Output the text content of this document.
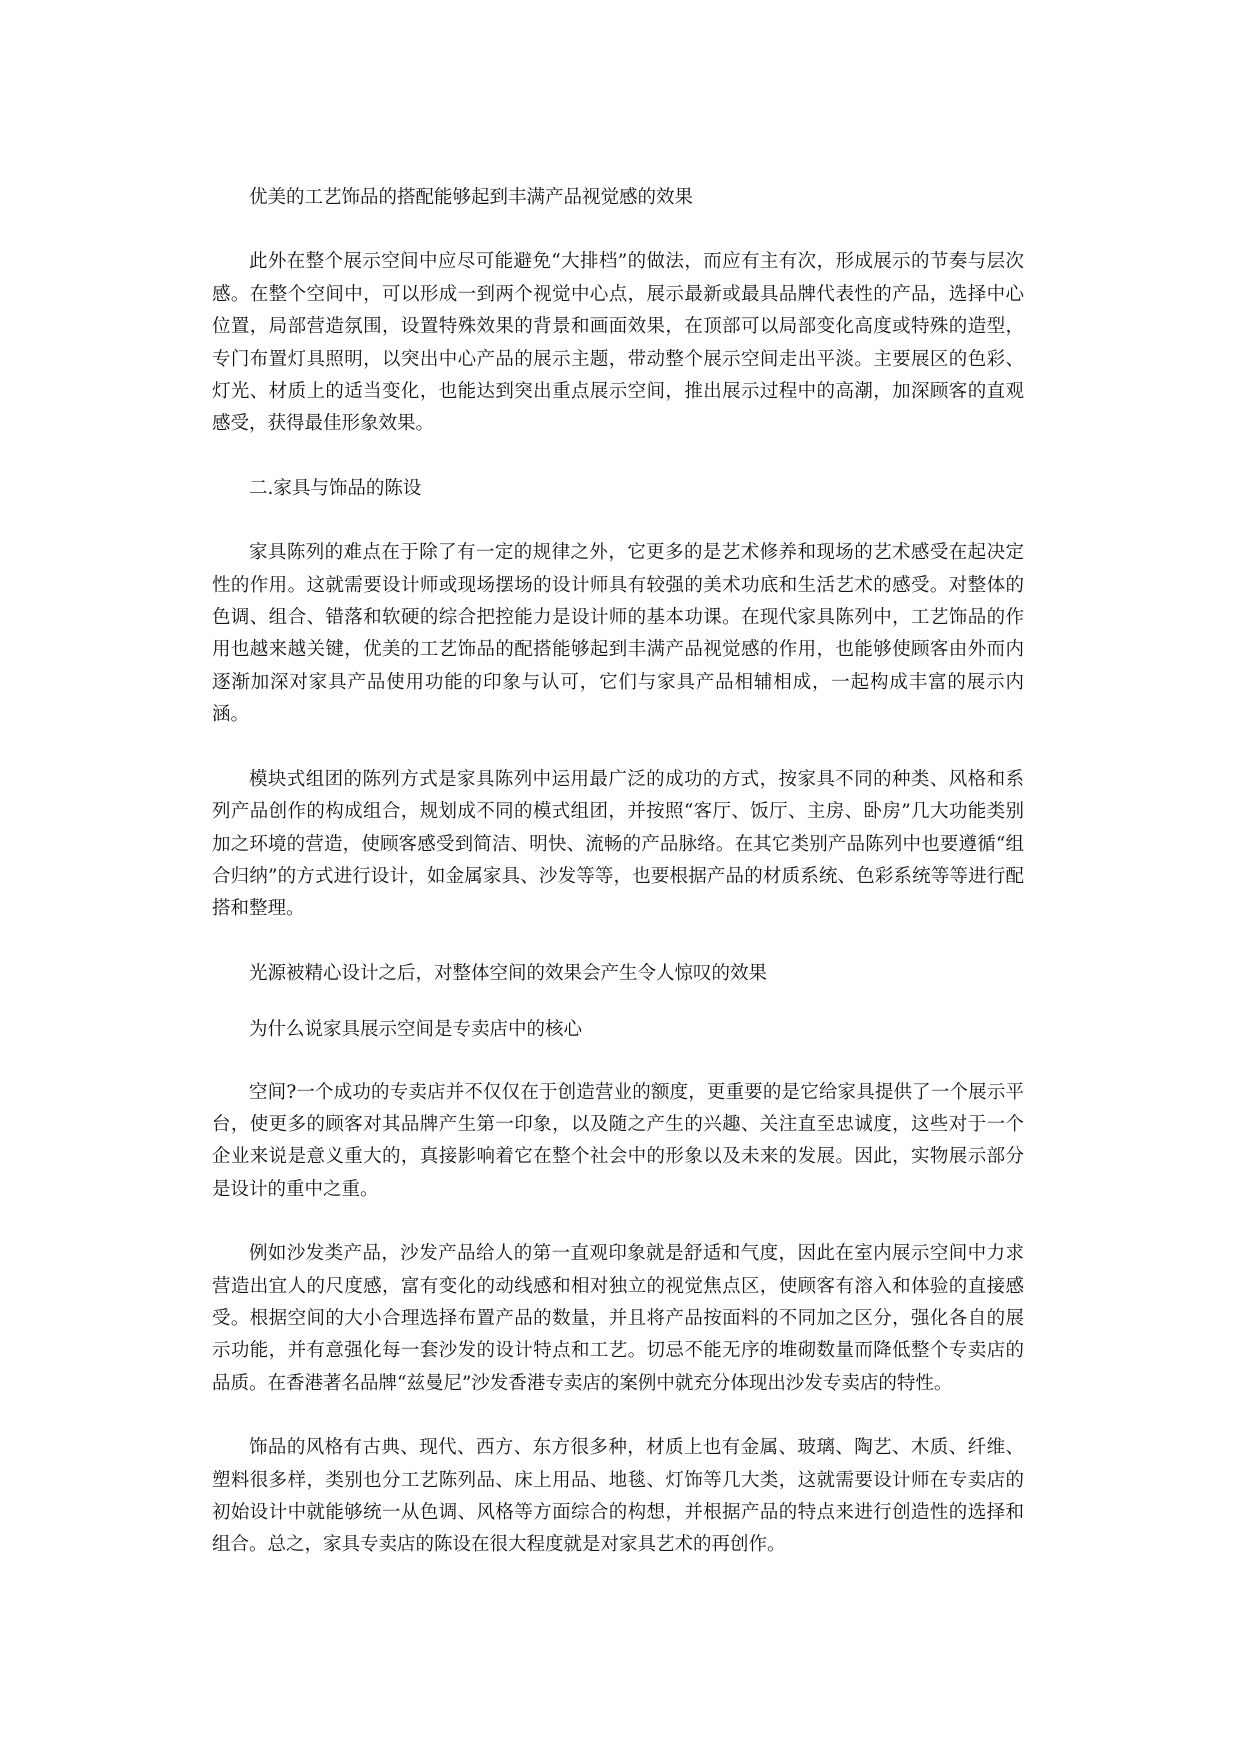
优美的工艺饰品的搭配能够起到丰满产品视觉感的效果

此外在整个展示空间中应尽可能避免“大排档”的做法，而应有主有次，形成展示的节奏与层次感。在整个空间中，可以形成一到两个视觉中心点，展示最新或最具品牌代表性的产品，选择中心位置，局部营造氛围，设置特殊效果的背景和画面效果，在顶部可以局部变化高度或特殊的造型，专门布置灯具照明，以突出中心产品的展示主题，带动整个展示空间走出平淡。主要展区的色彩、灯光、材质上的适当变化，也能达到突出重点展示空间，推出展示过程中的高潮，加深顾客的直观感受，获得最佳形象效果。

二.家具与饰品的陈设

家具陈列的难点在于除了有一定的规律之外，它更多的是艺术修养和现场的艺术感受在起决定性的作用。这就需要设计师或现场摆场的设计师具有较强的美术功底和生活艺术的感受。对整体的色调、组合、错落和软硬的综合把控能力是设计师的基本功课。在现代家具陈列中，工艺饰品的作用也越来越关键，优美的工艺饰品的配搭能够起到丰满产品视觉感的作用，也能够使顾客由外而内逐渐加深对家具产品使用功能的印象与认可，它们与家具产品相辅相成，一起构成丰富的展示内涵。

模块式组团的陈列方式是家具陈列中运用最广泛的成功的方式，按家具不同的种类、风格和系列产品创作的构成组合，规划成不同的模式组团，并按照“客厅、饭厅、主房、卧房”几大功能类别加之环境的营造，使顾客感受到简洁、明快、流畅的产品脉络。在其它类别产品陈列中也要遵循“组合归纳”的方式进行设计，如金属家具、沙发等等，也要根据产品的材质系统、色彩系统等等进行配搭和整理。

光源被精心设计之后，对整体空间的效果会产生令人惊叹的效果

为什么说家具展示空间是专卖店中的核心

空间?一个成功的专卖店并不仅仅在于创造营业的额度，更重要的是它给家具提供了一个展示平台，使更多的顾客对其品牌产生第一印象，以及随之产生的兴趣、关注直至忠诚度，这些对于一个企业来说是意义重大的，真接影响着它在整个社会中的形象以及未来的发展。因此，实物展示部分是设计的重中之重。

例如沙发类产品，沙发产品给人的第一直观印象就是舒适和气度，因此在室内展示空间中力求营造出宜人的尺度感，富有变化的动线感和相对独立的视觉焦点区，使顾客有溶入和体验的直接感受。根据空间的大小合理选择布置产品的数量，并且将产品按面料的不同加之区分，强化各自的展示功能，并有意强化每一套沙发的设计特点和工艺。切忌不能无序的堆砌数量而降低整个专卖店的品质。在香港著名品牌“兹曼尼”沙发香港专卖店的案例中就充分体现出沙发专卖店的特性。

饰品的风格有古典、现代、西方、东方很多种，材质上也有金属、玻璃、陶艺、木质、纤维、塑料很多样，类别也分工艺陈列品、床上用品、地毯、灯饰等几大类，这就需要设计师在专卖店的初始设计中就能够统一从色调、风格等方面综合的构想，并根据产品的特点来进行创造性的选择和组合。总之，家具专卖店的陈设在很大程度就是对家具艺术的再创作。
